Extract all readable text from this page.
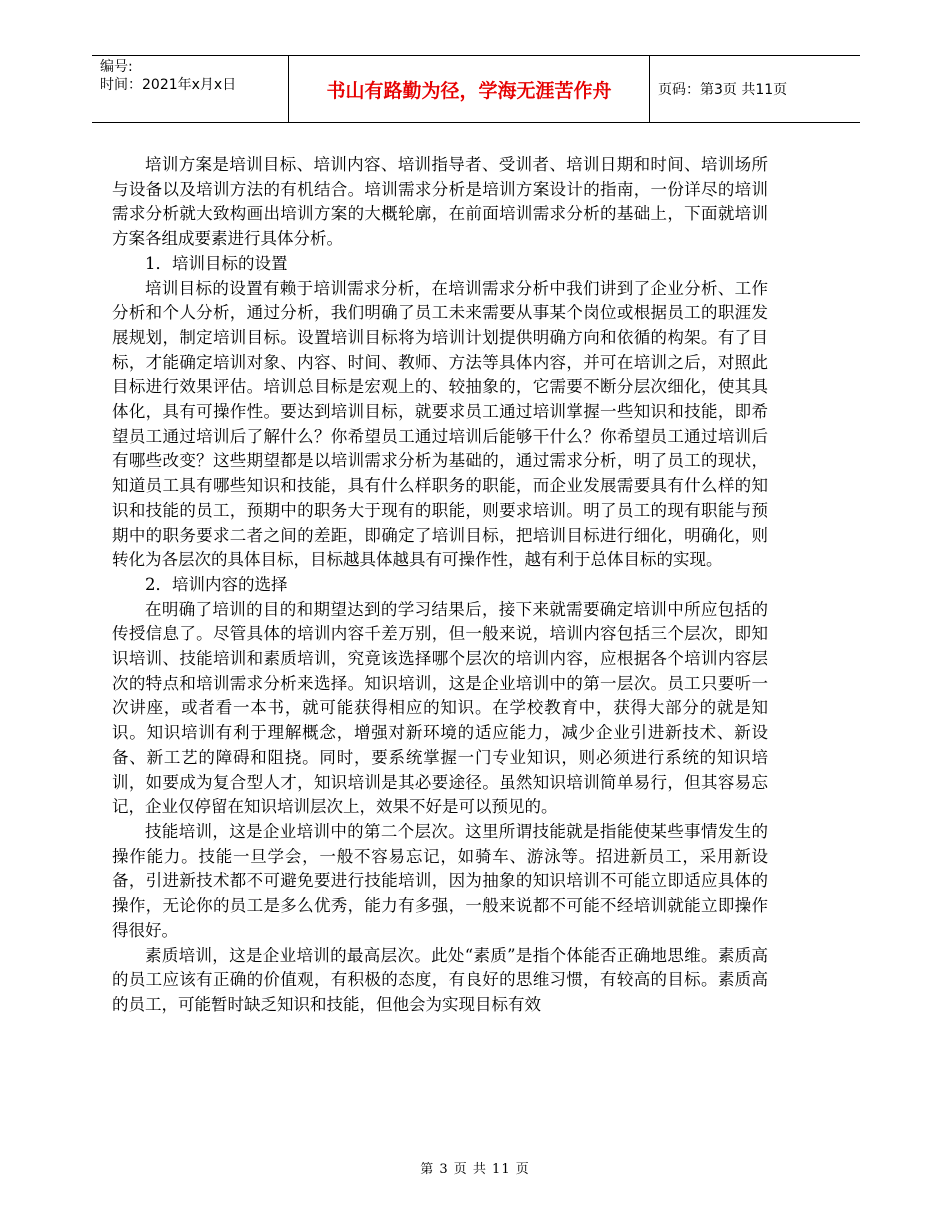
编号:
时间：2021年x月x日	书山有路勤为径，学海无涯苦作舟	页码：第3页 共11页

培训方案是培训目标、培训内容、培训指导者、受训者、培训日期和时间、培训场所与设备以及培训方法的有机结合。培训需求分析是培训方案设计的指南，一份详尽的培训需求分析就大致构画出培训方案的大概轮廓，在前面培训需求分析的基础上，下面就培训方案各组成要素进行具体分析。

1．培训目标的设置

培训目标的设置有赖于培训需求分析，在培训需求分析中我们讲到了企业分析、工作分析和个人分析，通过分析，我们明确了员工未来需要从事某个岗位或根据员工的职涯发展规划，制定培训目标。设置培训目标将为培训计划提供明确方向和依循的构架。有了目标，才能确定培训对象、内容、时间、教师、方法等具体内容，并可在培训之后，对照此目标进行效果评估。培训总目标是宏观上的、较抽象的，它需要不断分层次细化，使其具体化，具有可操作性。要达到培训目标，就要求员工通过培训掌握一些知识和技能，即希望员工通过培训后了解什么？你希望员工通过培训后能够干什么？你希望员工通过培训后有哪些改变？这些期望都是以培训需求分析为基础的，通过需求分析，明了员工的现状，知道员工具有哪些知识和技能，具有什么样职务的职能，而企业发展需要具有什么样的知识和技能的员工，预期中的职务大于现有的职能，则要求培训。明了员工的现有职能与预期中的职务要求二者之间的差距，即确定了培训目标，把培训目标进行细化，明确化，则转化为各层次的具体目标，目标越具体越具有可操作性，越有利于总体目标的实现。

2．培训内容的选择

在明确了培训的目的和期望达到的学习结果后，接下来就需要确定培训中所应包括的传授信息了。尽管具体的培训内容千差万别，但一般来说，培训内容包括三个层次，即知识培训、技能培训和素质培训，究竟该选择哪个层次的培训内容，应根据各个培训内容层次的特点和培训需求分析来选择。知识培训，这是企业培训中的第一层次。员工只要听一次讲座，或者看一本书，就可能获得相应的知识。在学校教育中，获得大部分的就是知识。知识培训有利于理解概念，增强对新环境的适应能力，减少企业引进新技术、新设备、新工艺的障碍和阻挠。同时，要系统掌握一门专业知识，则必须进行系统的知识培训，如要成为复合型人才，知识培训是其必要途径。虽然知识培训简单易行，但其容易忘记，企业仅停留在知识培训层次上，效果不好是可以预见的。

技能培训，这是企业培训中的第二个层次。这里所谓技能就是指能使某些事情发生的操作能力。技能一旦学会，一般不容易忘记，如骑车、游泳等。招进新员工，采用新设备，引进新技术都不可避免要进行技能培训，因为抽象的知识培训不可能立即适应具体的操作，无论你的员工是多么优秀，能力有多强，一般来说都不可能不经培训就能立即操作得很好。

素质培训，这是企业培训的最高层次。此处“素质”是指个体能否正确地思维。素质高的员工应该有正确的价值观，有积极的态度，有良好的思维习惯，有较高的目标。素质高的员工，可能暂时缺乏知识和技能，但他会为实现目标有效

第 3 页 共 11 页
